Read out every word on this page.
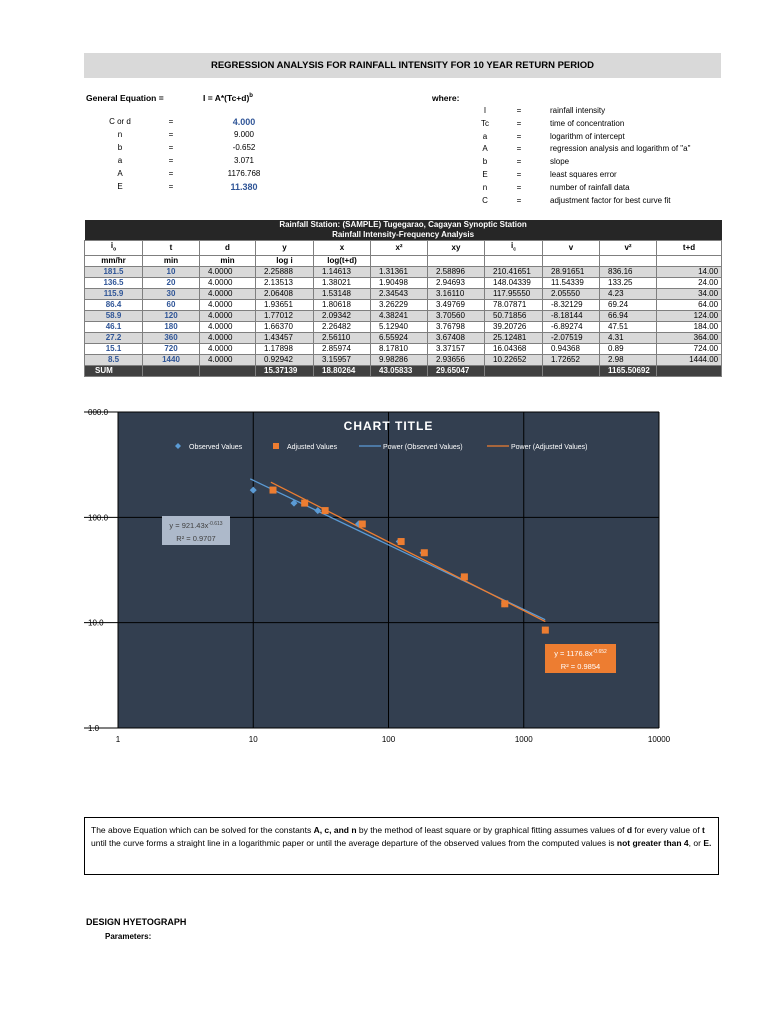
REGRESSION ANALYSIS FOR RAINFALL INTENSITY FOR 10 YEAR RETURN PERIOD
General Equation =	$I = A*(Tc+d)^b$
C or d	=	4.000
n	=	9.000
b	=	-0.652
a	=	3.071
A	=	1176.768
E	=	11.380
where:
I	=	rainfall intensity
Tc	=	time of concentration
a	=	logarithm of intercept
A	=	regression analysis and logarithm of "a"
b	=	slope
E	=	least squares error
n	=	number of rainfall data
C	=	adjustment factor for best curve fit
Rainfall Station: (SAMPLE) Tugegarao, Cagayan Synoptic Station										
Rainfall Intensity-Frequency Analysis										
$i_o$	t	d	y	x	x²	xy	$i_c$	v	v²	t+d
mm/hr	min	min	log i	log(t+d)						
181.5	10	4.0000	2.25888	1.14613	1.31361	2.58896	210.41651	28.91651	836.16	14.00
136.5	20	4.0000	2.13513	1.38021	1.90498	2.94693	148.04339	11.54339	133.25	24.00
115.9	30	4.0000	2.06408	1.53148	2.34543	3.16110	117.95550	2.05550	4.23	34.00
86.4	60	4.0000	1.93651	1.80618	3.26229	3.49769	78.07871	-8.32129	69.24	64.00
58.9	120	4.0000	1.77012	2.09342	4.38241	3.70560	50.71856	-8.18144	66.94	124.00
46.1	180	4.0000	1.66370	2.26482	5.12940	3.76798	39.20726	-6.89274	47.51	184.00
27.2	360	4.0000	1.43457	2.56110	6.55924	3.67408	25.12481	-2.07519	4.31	364.00
15.1	720	4.0000	1.17898	2.85974	8.17810	3.37157	16.04368	0.94368	0.89	724.00
8.5	1440	4.0000	0.92942	3.15957	9.98286	2.93656	10.22652	1.72652	2.98	1444.00
SUM			15.37139	18.80264	43.05833	29.65047			1165.50692	
1	10	100	1000	10000
1.0
10.0
100.0
000.0
CHART TITLE
Observed Values	Adjusted Values	Power (Observed Values)	Power (Adjusted Values)
$y = 921.43x^{-0.613}$
R² = 0.9707
$y = 1176.8x^{-0.652}$
R² = 0.9854
The above Equation which can be solved for the constants A, c, and n by the method of least square or by graphical fitting assumes values of d for every value of t until the curve forms a straight line in a logarithmic paper or until the average departure of the observed values from the computed values is not greater than 4, or E.
DESIGN HYETOGRAPH
Parameters:
